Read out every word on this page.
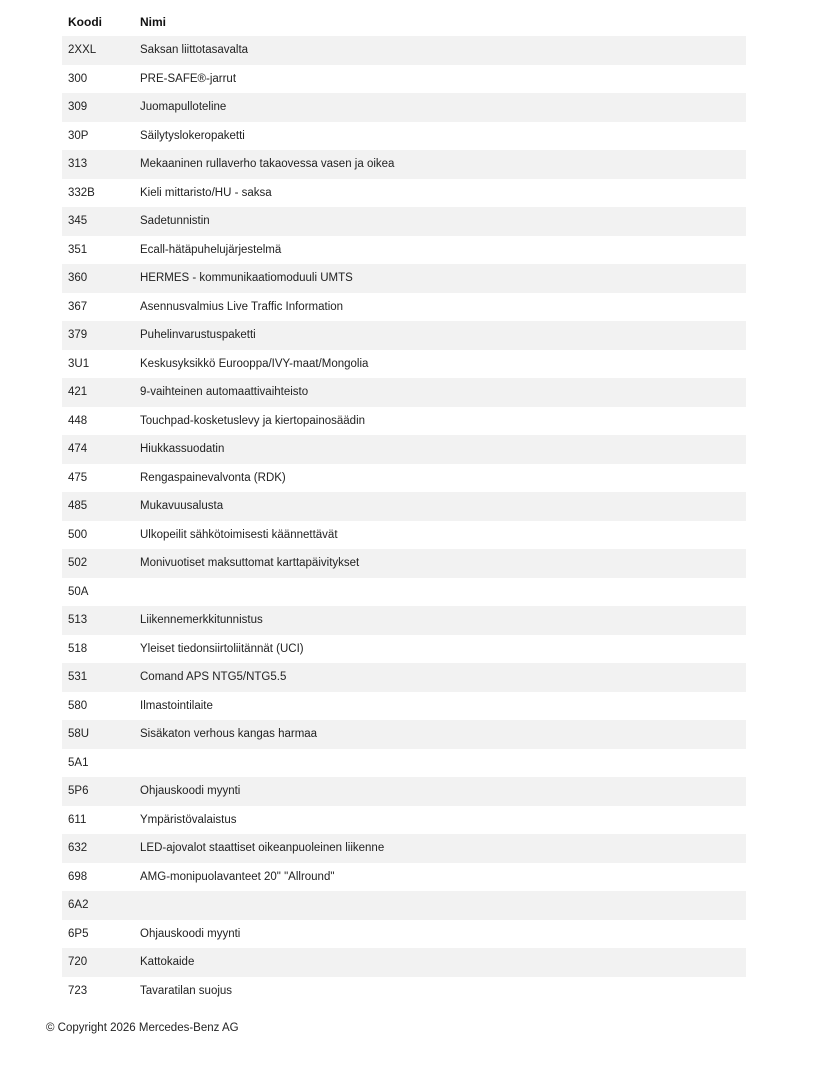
Koodi	Nimi
2XXL	Saksan liittotasavalta
300	PRE-SAFE®-jarrut
309	Juomapulloteline
30P	Säilytyslokeropaketti
313	Mekaaninen rullaverho takaovessa vasen ja oikea
332B	Kieli mittaristo/HU - saksa
345	Sadetunnistin
351	Ecall-hätäpuhelujärjestelmä
360	HERMES - kommunikaatiomoduuli UMTS
367	Asennusvalmius Live Traffic Information
379	Puhelinvarustuspaketti
3U1	Keskusyksikkö Eurooppa/IVY-maat/Mongolia
421	9-vaihteinen automaattivaihteisto
448	Touchpad-kosketuslevy ja kiertopainosäädin
474	Hiukkassuodatin
475	Rengaspainevalvonta (RDK)
485	Mukavuusalusta
500	Ulkopeilit sähkötoimisesti käännettävät
502	Monivuotiset maksuttomat karttapäivitykset
50A	
513	Liikennemerkkitunnistus
518	Yleiset tiedonsiirtoliitännät (UCI)
531	Comand APS NTG5/NTG5.5
580	Ilmastointilaite
58U	Sisäkaton verhous kangas harmaa
5A1	
5P6	Ohjauskoodi myynti
611	Ympäristövalaistus
632	LED-ajovalot staattiset oikeanpuoleinen liikenne
698	AMG-monipuolavanteet 20" "Allround"
6A2	
6P5	Ohjauskoodi myynti
720	Kattokaide
723	Tavaratilan suojus
© Copyright 2026 Mercedes-Benz AG
